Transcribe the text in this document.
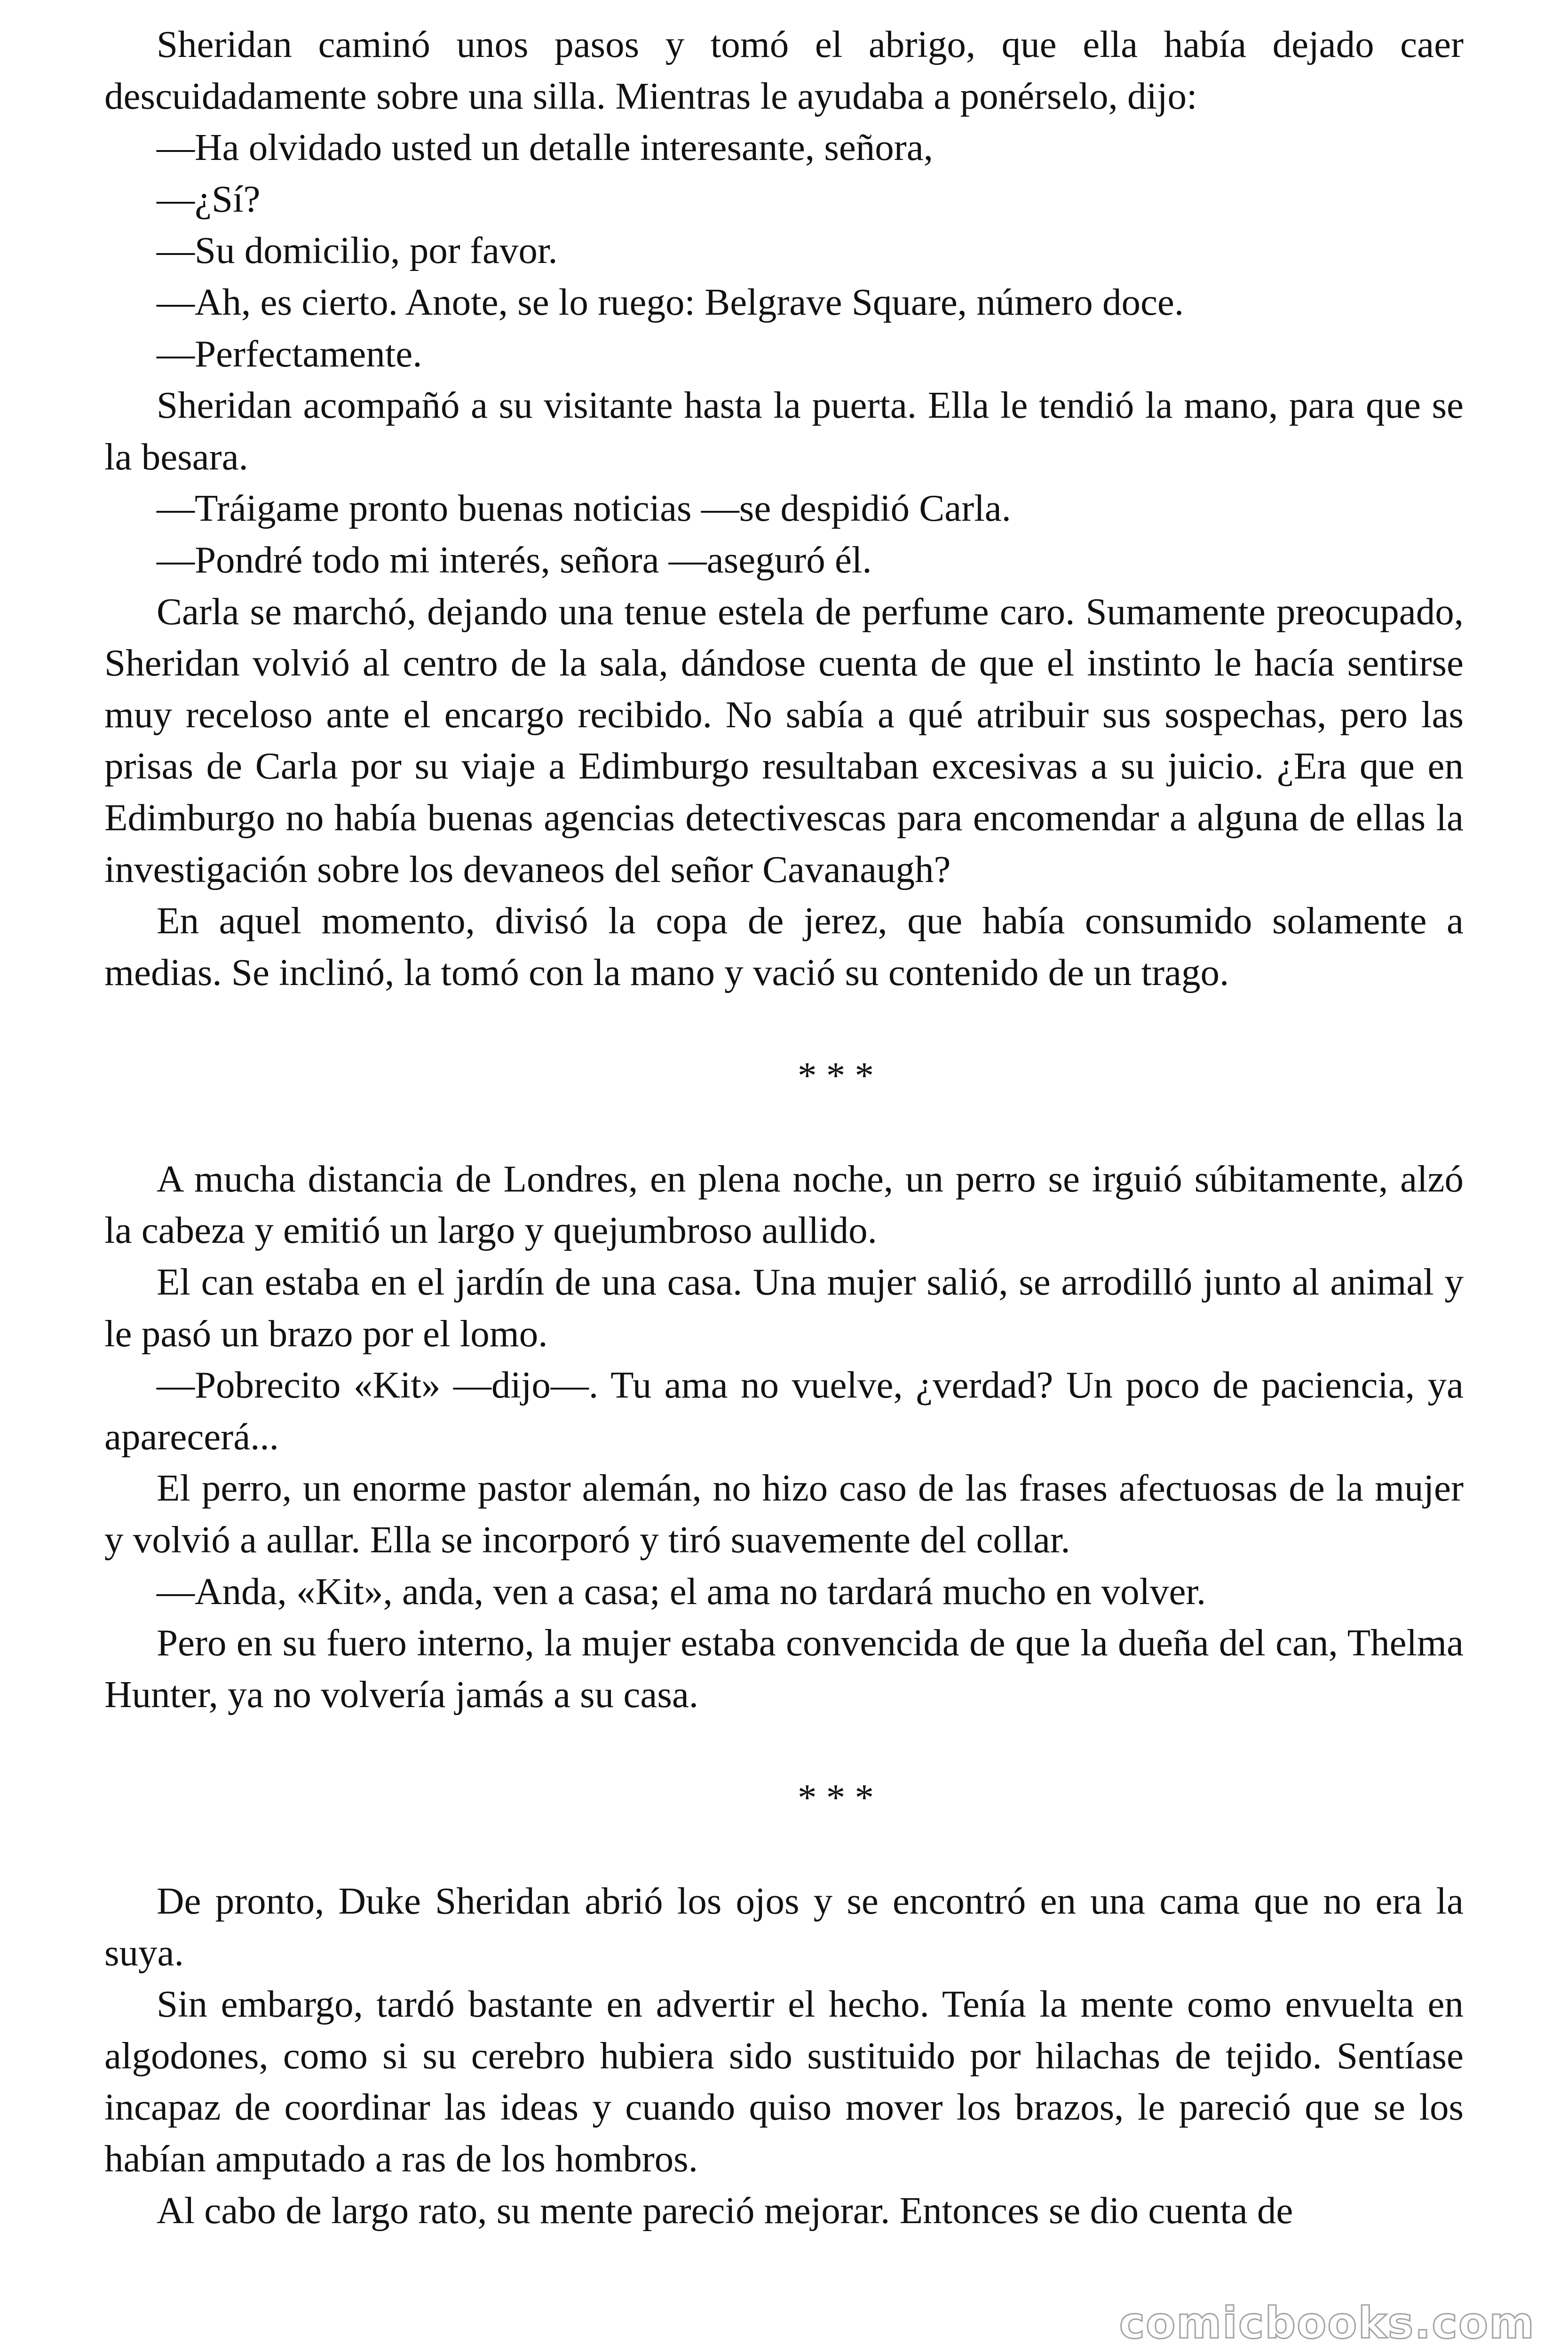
Sheridan caminó unos pasos y tomó el abrigo, que ella había dejado caer descuidadamente sobre una silla. Mientras le ayudaba a ponérselo, dijo:

—Ha olvidado usted un detalle interesante, señora,

—¿Sí?

—Su domicilio, por favor.

—Ah, es cierto. Anote, se lo ruego: Belgrave Square, número doce.

—Perfectamente.

Sheridan acompañó a su visitante hasta la puerta. Ella le tendió la mano, para que se la besara.

—Tráigame pronto buenas noticias —se despidió Carla.

—Pondré todo mi interés, señora —aseguró él.

Carla se marchó, dejando una tenue estela de perfume caro. Sumamente preocupado, Sheridan volvió al centro de la sala, dándose cuenta de que el instinto le hacía sentirse muy receloso ante el encargo recibido. No sabía a qué atribuir sus sospechas, pero las prisas de Carla por su viaje a Edimburgo resultaban excesivas a su juicio. ¿Era que en Edimburgo no había buenas agencias detectivescas para encomendar a alguna de ellas la investigación sobre los devaneos del señor Cavanaugh?

En aquel momento, divisó la copa de jerez, que había consumido solamente a medias. Se inclinó, la tomó con la mano y vació su contenido de un trago.

* * *

A mucha distancia de Londres, en plena noche, un perro se irguió súbitamente, alzó la cabeza y emitió un largo y quejumbroso aullido.

El can estaba en el jardín de una casa. Una mujer salió, se arrodilló junto al animal y le pasó un brazo por el lomo.

—Pobrecito «Kit» —dijo—. Tu ama no vuelve, ¿verdad? Un poco de paciencia, ya aparecerá...

El perro, un enorme pastor alemán, no hizo caso de las frases afectuosas de la mujer y volvió a aullar. Ella se incorporó y tiró suavemente del collar.

—Anda, «Kit», anda, ven a casa; el ama no tardará mucho en volver.

Pero en su fuero interno, la mujer estaba convencida de que la dueña del can, Thelma Hunter, ya no volvería jamás a su casa.

* * *

De pronto, Duke Sheridan abrió los ojos y se encontró en una cama que no era la suya.

Sin embargo, tardó bastante en advertir el hecho. Tenía la mente como envuelta en algodones, como si su cerebro hubiera sido sustituido por hilachas de tejido. Sentíase incapaz de coordinar las ideas y cuando quiso mover los brazos, le pareció que se los habían amputado a ras de los hombros.

Al cabo de largo rato, su mente pareció mejorar. Entonces se dio cuenta de

comicbooks.com
